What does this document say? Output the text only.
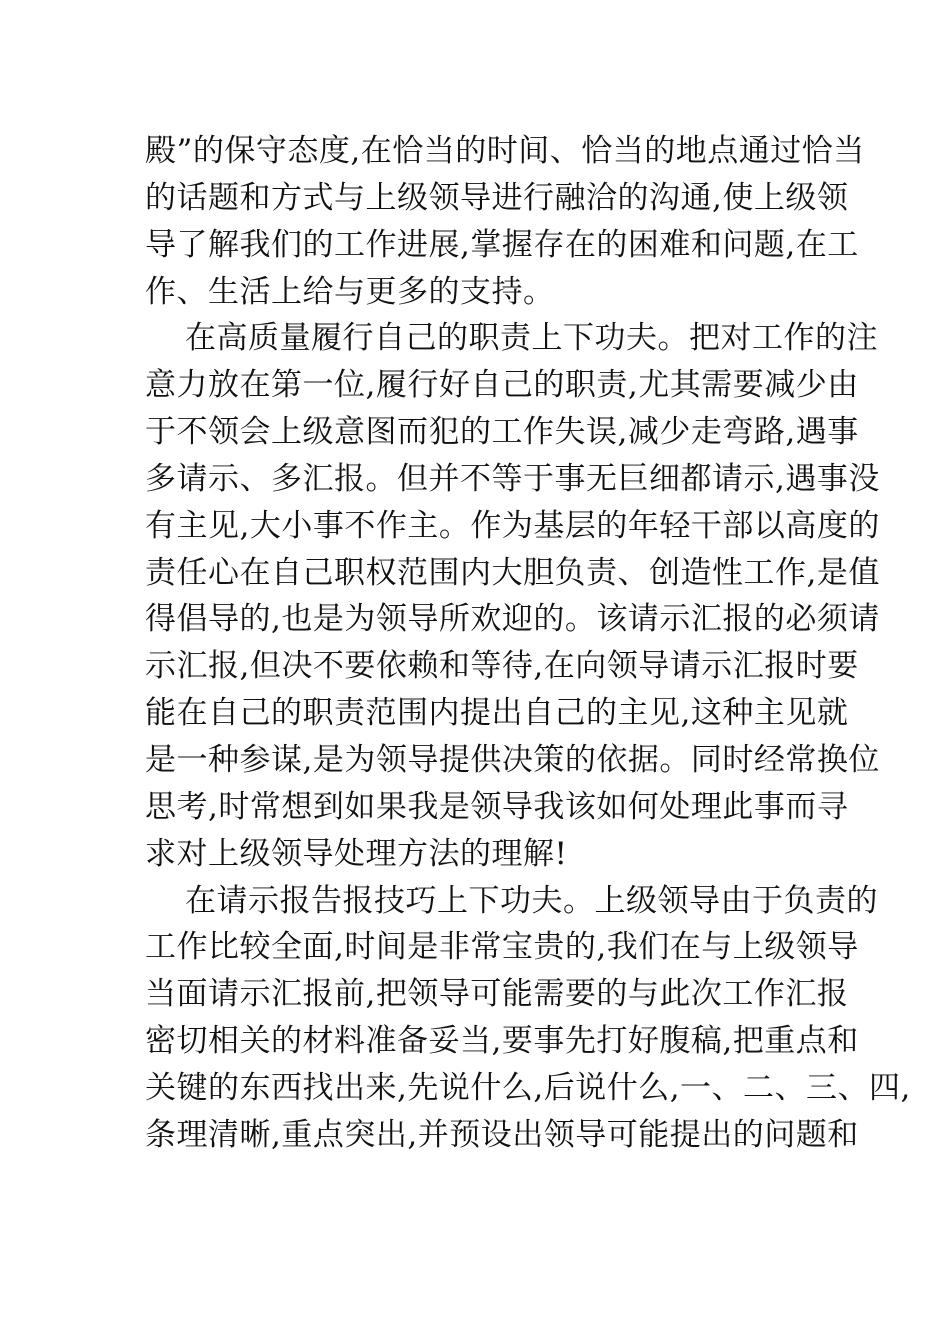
殿”的保守态度,在恰当的时间、恰当的地点通过恰当
的话题和方式与上级领导进行融洽的沟通,使上级领
导了解我们的工作进展,掌握存在的困难和问题,在工
作、生活上给与更多的支持。
在高质量履行自己的职责上下功夫。把对工作的注
意力放在第一位,履行好自己的职责,尤其需要减少由
于不领会上级意图而犯的工作失误,减少走弯路,遇事
多请示、多汇报。但并不等于事无巨细都请示,遇事没
有主见,大小事不作主。作为基层的年轻干部以高度的
责任心在自己职权范围内大胆负责、创造性工作,是值
得倡导的,也是为领导所欢迎的。该请示汇报的必须请
示汇报,但决不要依赖和等待,在向领导请示汇报时要
能在自己的职责范围内提出自己的主见,这种主见就
是一种参谋,是为领导提供决策的依据。同时经常换位
思考,时常想到如果我是领导我该如何处理此事而寻
求对上级领导处理方法的理解!
在请示报告报技巧上下功夫。上级领导由于负责的
工作比较全面,时间是非常宝贵的,我们在与上级领导
当面请示汇报前,把领导可能需要的与此次工作汇报
密切相关的材料准备妥当,要事先打好腹稿,把重点和
关键的东西找出来,先说什么,后说什么,一、二、三、四,
条理清晰,重点突出,并预设出领导可能提出的问题和
